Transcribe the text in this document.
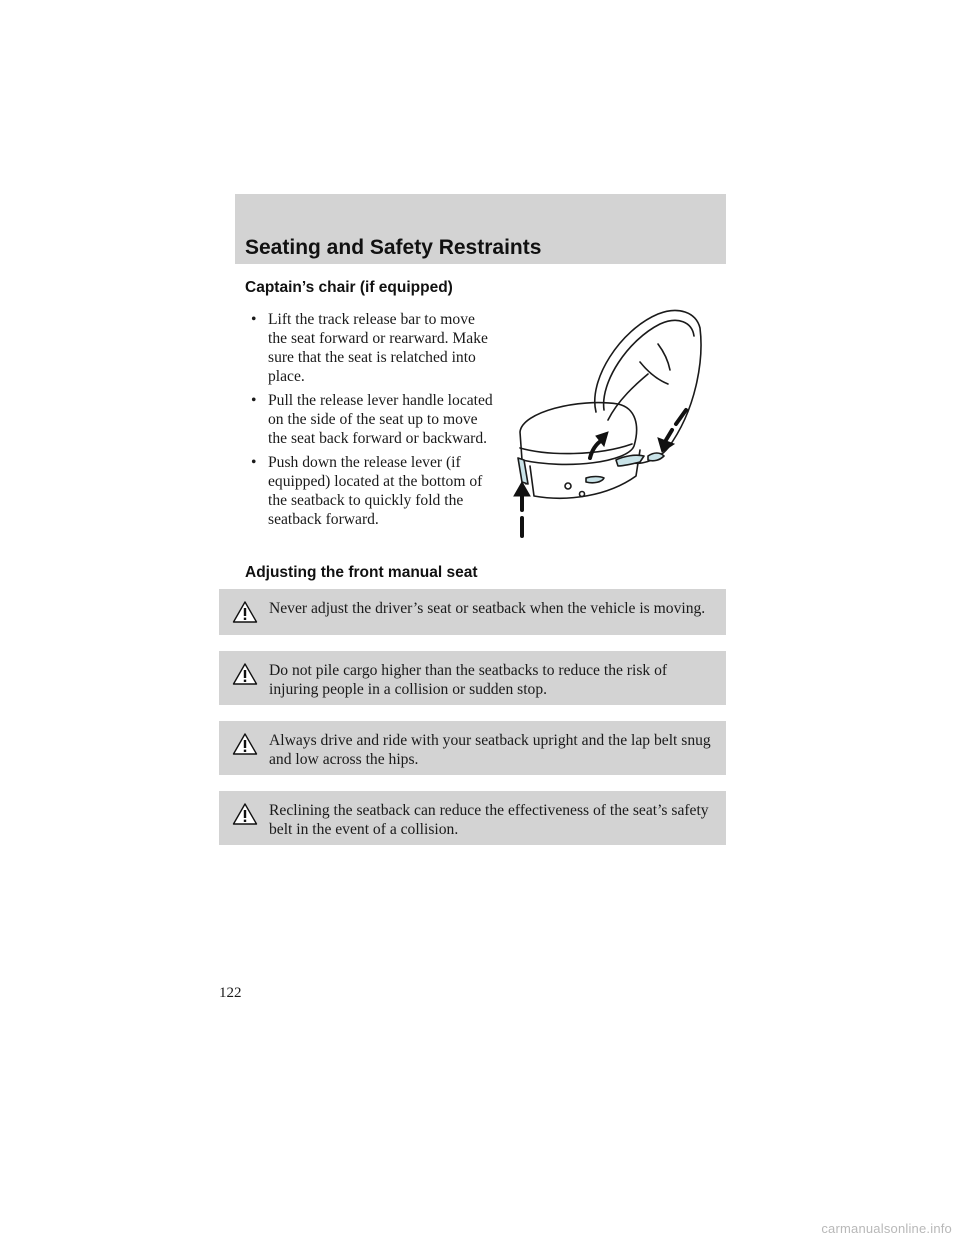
Seating and Safety Restraints
Captain’s chair (if equipped)
• Lift the track release bar to move the seat forward or rearward. Make sure that the seat is relatched into place.
• Pull the release lever handle located on the side of the seat up to move the seat back forward or backward.
• Push down the release lever (if equipped) located at the bottom of the seatback to quickly fold the seatback forward.
Adjusting the front manual seat
Never adjust the driver’s seat or seatback when the vehicle is moving.
Do not pile cargo higher than the seatbacks to reduce the risk of injuring people in a collision or sudden stop.
Always drive and ride with your seatback upright and the lap belt snug and low across the hips.
Reclining the seatback can reduce the effectiveness of the seat’s safety belt in the event of a collision.
122
carmanualsonline.info
